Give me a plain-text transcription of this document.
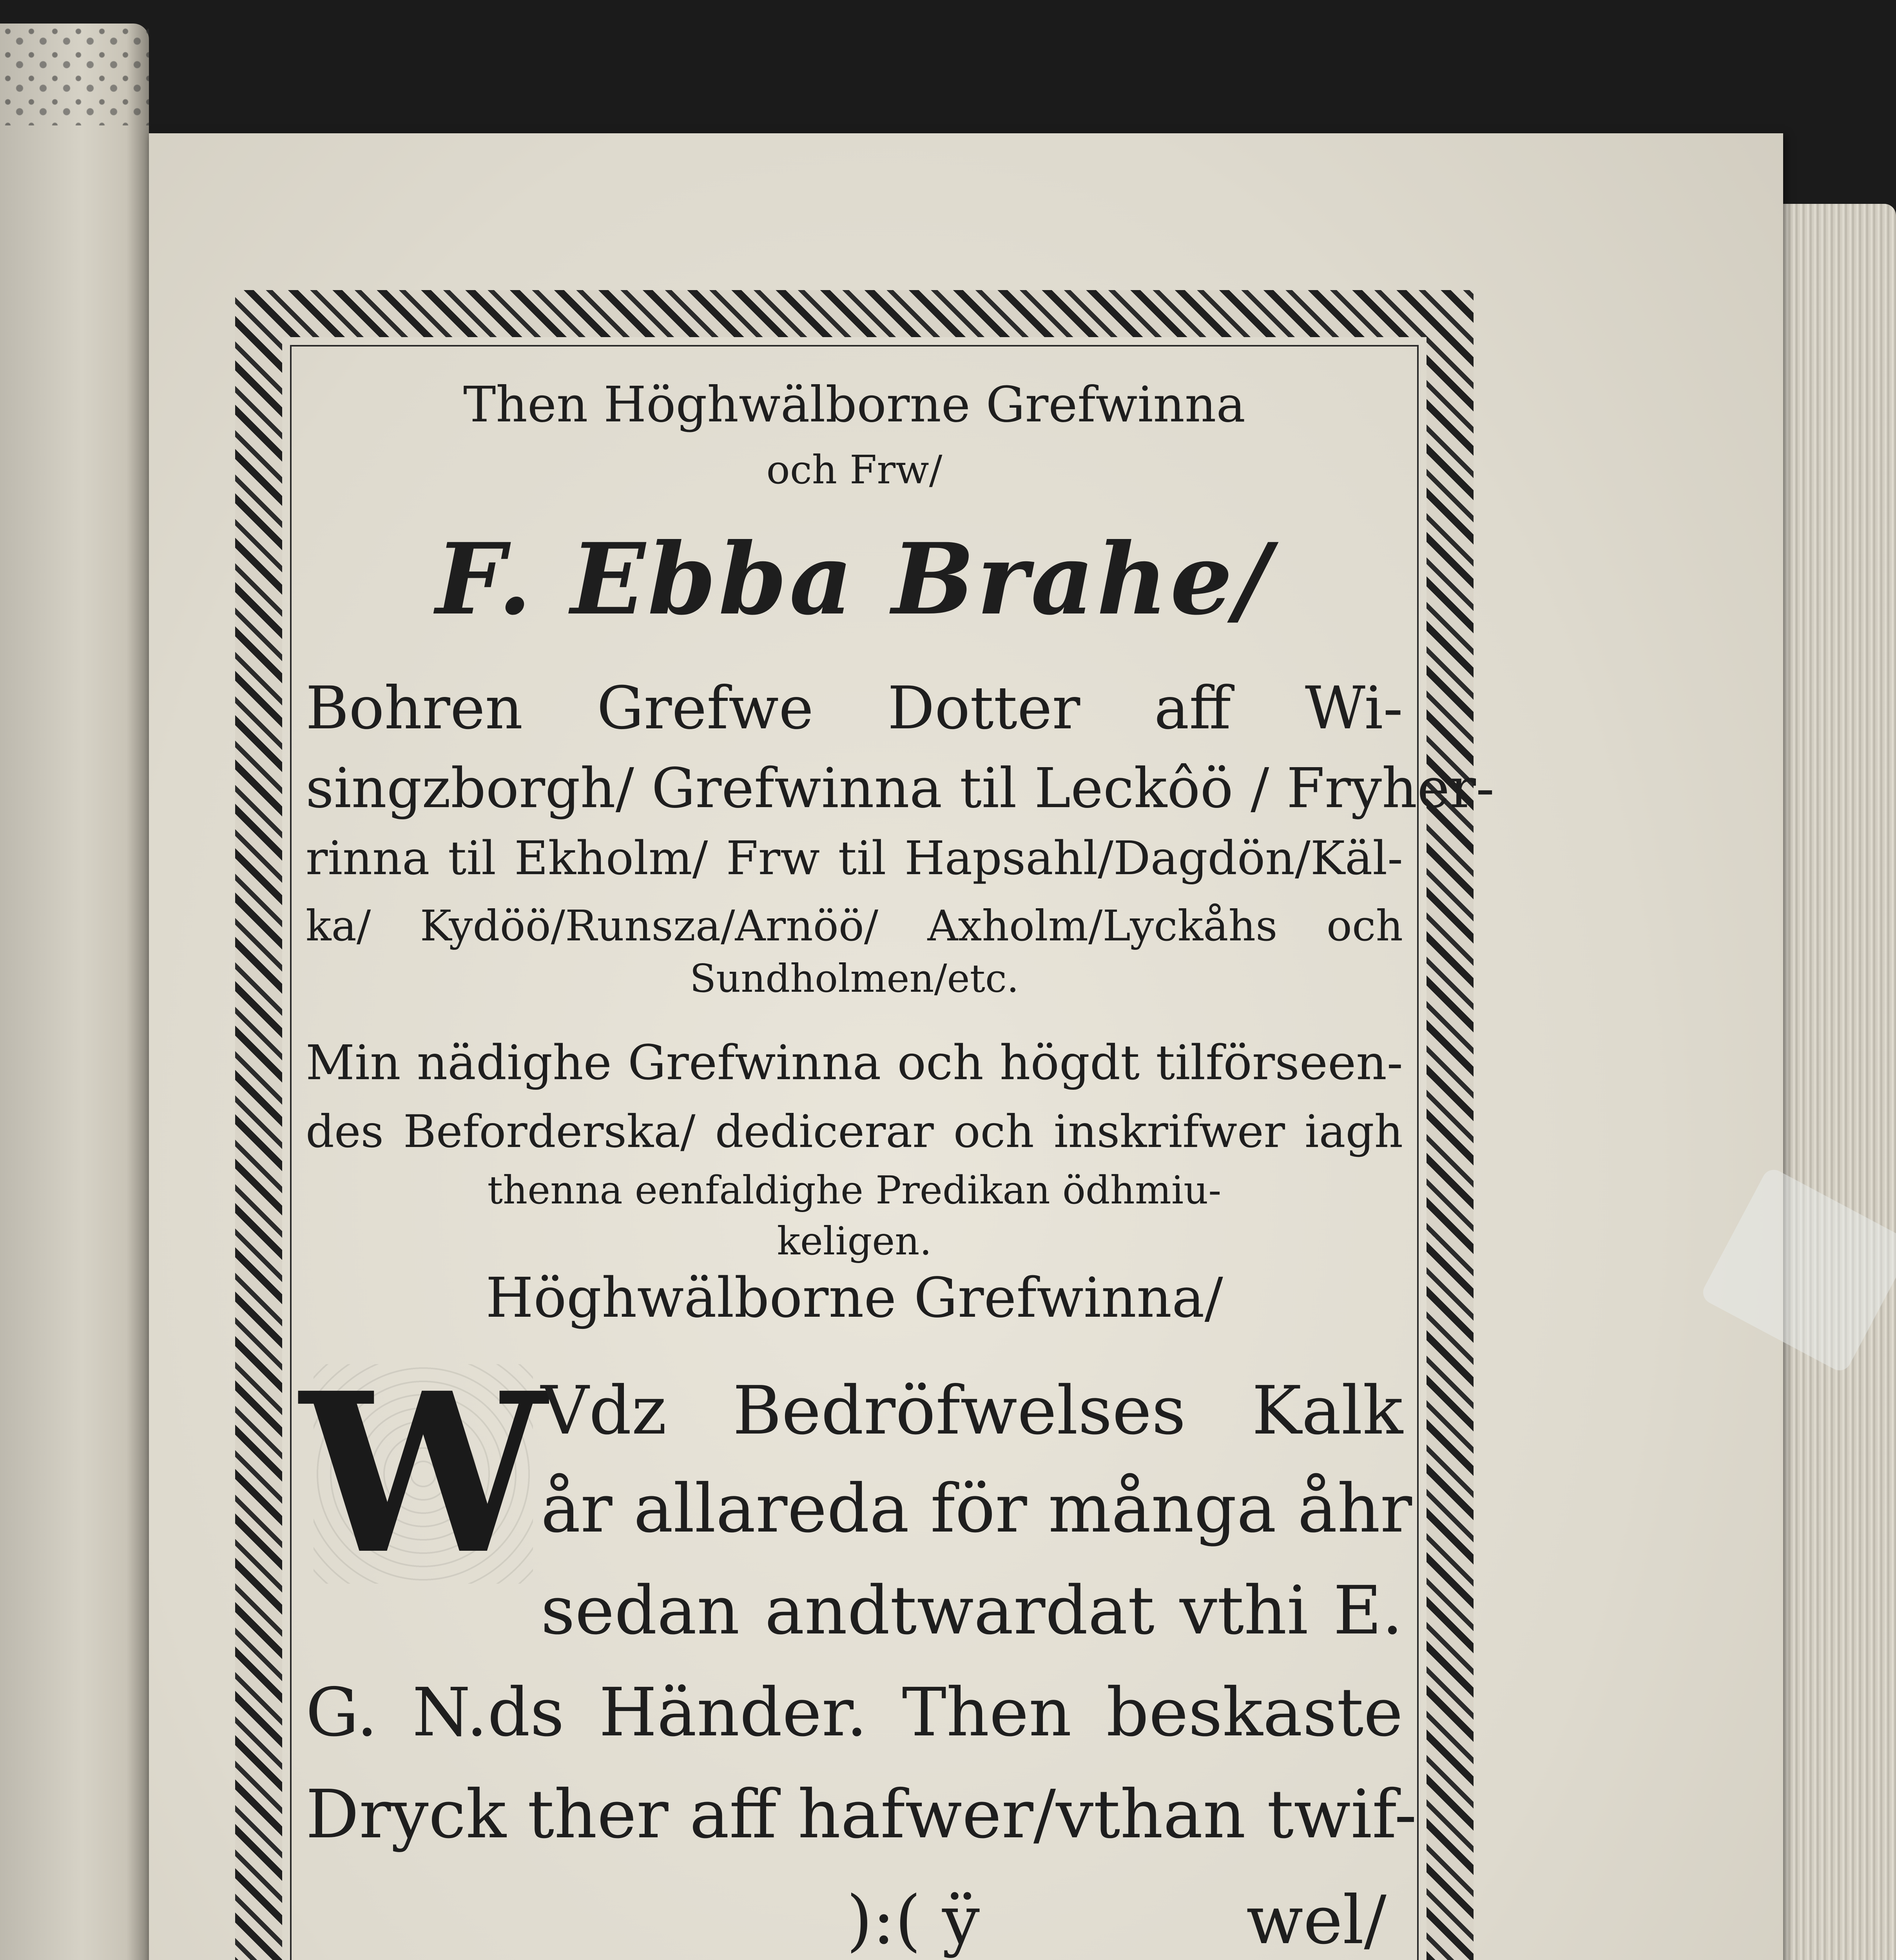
Then Höghwälborne Grefwinna

och Frw/

F. Ebba Brahe/

Bohren Grefwe Dotter aff Wi-

singzborgh/ Grefwinna til Leckôö / Fryher-

rinna til Ekholm/ Frw til Hapsahl/Dagdön/Käl-

ka/ Kydöö/Runsza/Arnöö/ Axholm/Lyckåhs och

Sundholmen/etc.

Min nädighe Grefwinna och högdt tilförseen-

des Beforderska/ dedicerar och inskrifwer iagh

thenna eenfaldighe Predikan ödhmiu-

keligen.

Höghwälborne Grefwinna/

W

Vdz Bedröfwelses Kalk

år allareda för många åhr

sedan andtwardat vthi E.

G. N.ds Händer. Then beskaste

Dryck ther aff hafwer/vthan twif-

):( ÿ	wel/
